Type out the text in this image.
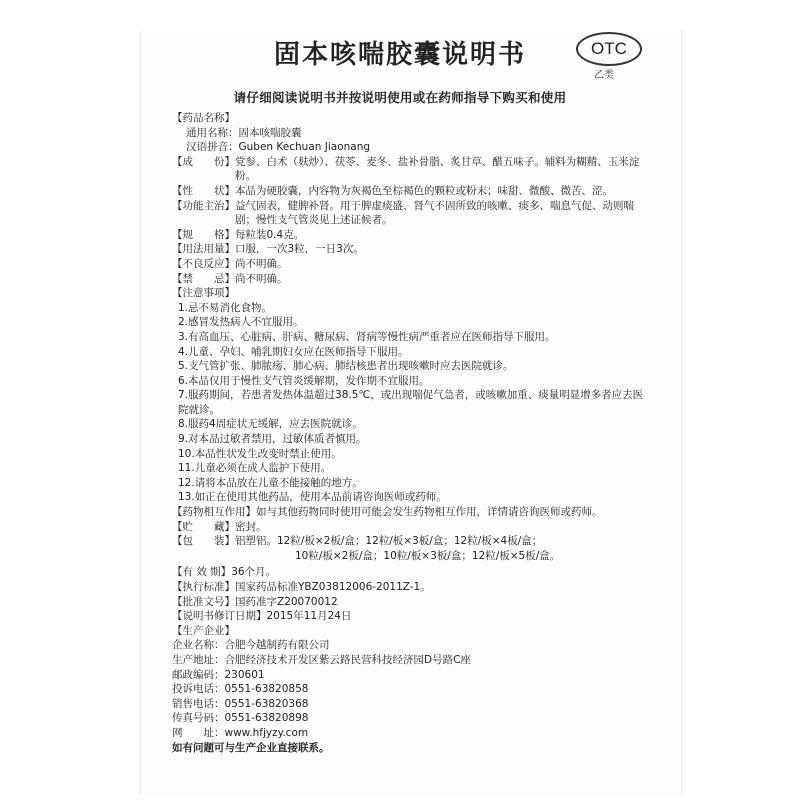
固本咳喘胶囊说明书	OTC
乙类
请仔细阅读说明书并按说明使用或在药师指导下购买和使用
【药品名称】
通用名称：固本咳喘胶囊
汉语拼音：Guben Kechuan Jiaonang
【成　　份】 党参、白术（麸炒）、茯苓、麦冬、盐补骨脂、炙甘草、醋五味子。辅料为糊精、玉米淀粉。
【性　　状】 本品为硬胶囊，内容物为灰褐色至棕褐色的颗粒或粉末；味甜、微酸、微苦、涩。
【功能主治】 益气固表，健脾补肾。用于脾虚痰盛、肾气不固所致的咳嗽、痰多、喘息气促、动则喘剧；慢性支气管炎见上述证候者。
【规　　格】 每粒装0.4克。
【用法用量】 口服，一次3粒，一日3次。
【不良反应】 尚不明确。
【禁　　忌】 尚不明确。
【注意事项】
1.忌不易消化食物。
2.感冒发热病人不宜服用。
3.有高血压、心脏病、肝病、糖尿病、肾病等慢性病严重者应在医师指导下服用。
4.儿童、孕妇、哺乳期妇女应在医师指导下服用。
5.支气管扩张、肺脓疡、肺心病、肺结核患者出现咳嗽时应去医院就诊。
6.本品仅用于慢性支气管炎缓解期，发作期不宜服用。
7.服药期间，若患者发热体温超过38.5℃，或出现喘促气急者，或咳嗽加重、痰量明显增多者应去医院就诊。
8.服药4周症状无缓解，应去医院就诊。
9.对本品过敏者禁用，过敏体质者慎用。
10.本品性状发生改变时禁止使用。
11.儿童必须在成人监护下使用。
12.请将本品放在儿童不能接触的地方。
13.如正在使用其他药品，使用本品前请咨询医师或药师。
【药物相互作用】 如与其他药物同时使用可能会发生药物相互作用，详情请咨询医师或药师。
【贮　　藏】 密封。
【包　　装】 铝塑铝。12粒/板×2板/盒；12粒/板×3板/盒；12粒/板×4板/盒；
10粒/板×2板/盒；10粒/板×3板/盒；12粒/板×5板/盒。
【有 效 期】 36个月。
【执行标准】 国家药品标准YBZ03812006-2011Z-1。
【批准文号】 国药准字Z20070012
【说明书修订日期】 2015年11月24日
【生产企业】
企业名称：合肥今越制药有限公司
生产地址：合肥经济技术开发区紫云路民营科技经济园D号路C座
邮政编码：230601
投诉电话：0551-63820858
销售电话：0551-63820368
传真号码：0551-63820898
网　　址：www.hfjyzy.com
如有问题可与生产企业直接联系。
